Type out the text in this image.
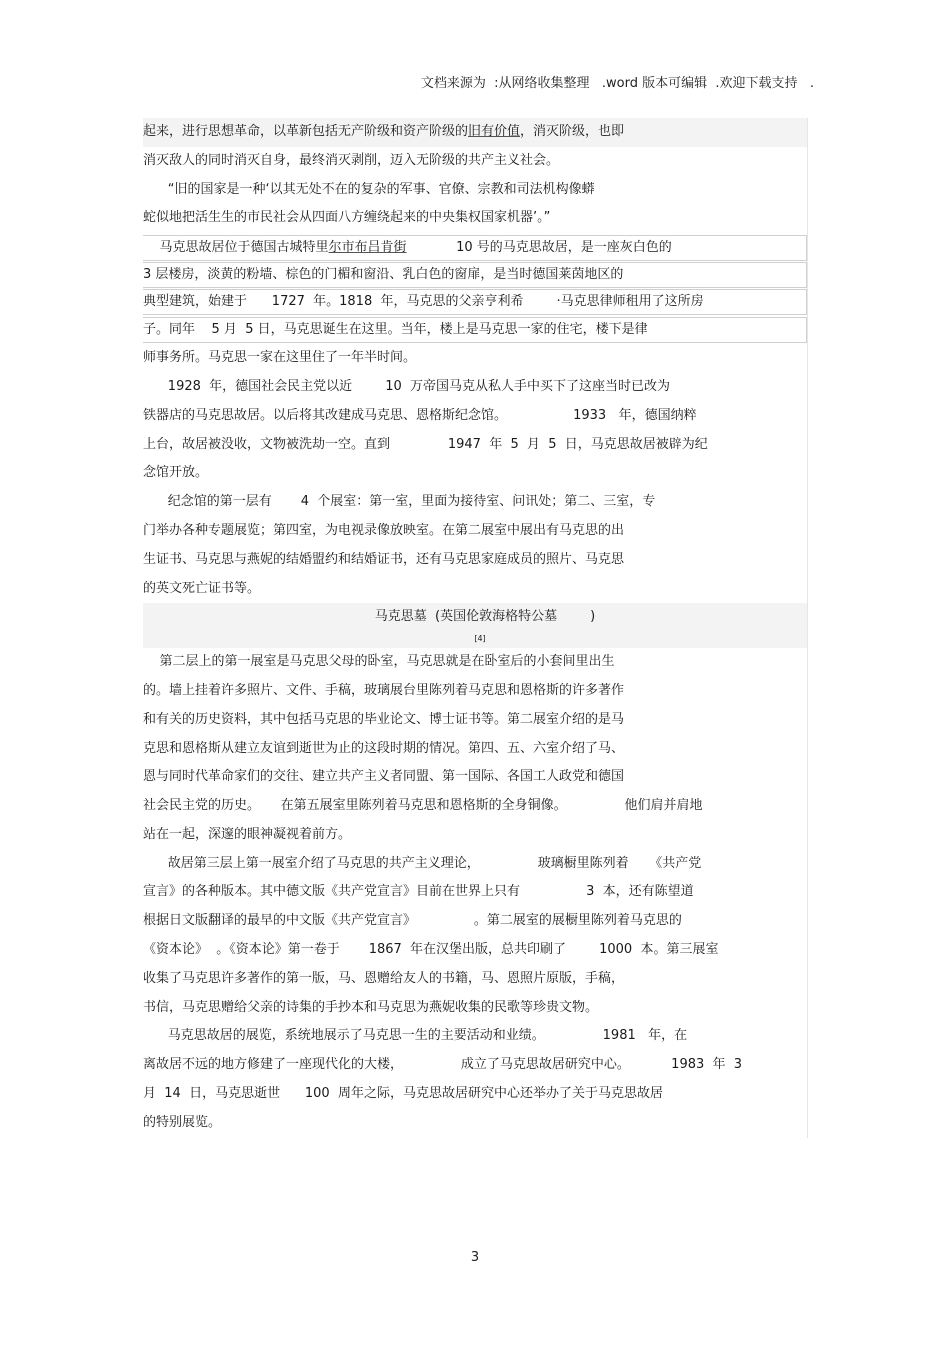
文档来源为  :从网络收集整理   .word 版本可编辑  .欢迎下载支持   .
起来，进行思想革命，以革新包括无产阶级和资产阶级的旧有价值，消灭阶级，也即
消灭敌人的同时消灭自身，最终消灭剥削，迈入无阶级的共产主义社会。
“旧的国家是一种‘以其无处不在的复杂的军事、官僚、宗教和司法机构像蟒
蛇似地把活生生的市民社会从四面八方缠绕起来的中央集权国家机器’。”
马克思故居位于德国古城特里尔市布吕肯街            10 号的马克思故居，是一座灰白色的
3 层楼房，淡黄的粉墙、棕色的门楣和窗沿、乳白色的窗扉，是当时德国莱茵地区的
典型建筑，始建于      1727  年。1818  年，马克思的父亲亨利希        ·马克思律师租用了这所房
子。同年    5 月  5 日，马克思诞生在这里。当年，楼上是马克思一家的住宅，楼下是律
师事务所。马克思一家在这里住了一年半时间。
1928  年，德国社会民主党以近        10  万帝国马克从私人手中买下了这座当时已改为
铁器店的马克思故居。以后将其改建成马克思、恩格斯纪念馆。                1933   年，德国纳粹
上台，故居被没收，文物被洗劫一空。直到              1947  年  5  月  5  日，马克思故居被辟为纪
念馆开放。
纪念馆的第一层有       4  个展室：第一室，里面为接待室、问讯处；第二、三室，专
门举办各种专题展览；第四室，为电视录像放映室。在第二展室中展出有马克思的出
生证书、马克思与燕妮的结婚盟约和结婚证书，还有马克思家庭成员的照片、马克思
的英文死亡证书等。
马克思墓  (英国伦敦海格特公墓        )
[4]
第二层上的第一展室是马克思父母的卧室，马克思就是在卧室后的小套间里出生
的。墙上挂着许多照片、文件、手稿，玻璃展台里陈列着马克思和恩格斯的许多著作
和有关的历史资料，其中包括马克思的毕业论文、博士证书等。第二展室介绍的是马
克思和恩格斯从建立友谊到逝世为止的这段时期的情况。第四、五、六室介绍了马、
恩与同时代革命家们的交往、建立共产主义者同盟、第一国际、各国工人政党和德国
社会民主党的历史。     在第五展室里陈列着马克思和恩格斯的全身铜像。              他们肩并肩地
站在一起，深邃的眼神凝视着前方。
故居第三层上第一展室介绍了马克思的共产主义理论，              玻璃橱里陈列着     《共产党
宣言》的各种版本。其中德文版《共产党宣言》目前在世界上只有                3  本，还有陈望道
根据日文版翻译的最早的中文版《共产党宣言》              。第二展室的展橱里陈列着马克思的
《资本论》  。《资本论》第一卷于       1867  年在汉堡出版，总共印刷了        1000  本。第三展室
收集了马克思许多著作的第一版，马、恩赠给友人的书籍，马、恩照片原版，手稿，
书信，马克思赠给父亲的诗集的手抄本和马克思为燕妮收集的民歌等珍贵文物。
马克思故居的展览，系统地展示了马克思一生的主要活动和业绩。              1981   年，在
离故居不远的地方修建了一座现代化的大楼，              成立了马克思故居研究中心。          1983  年  3
月  14  日，马克思逝世      100  周年之际，马克思故居研究中心还举办了关于马克思故居
的特别展览。
3
